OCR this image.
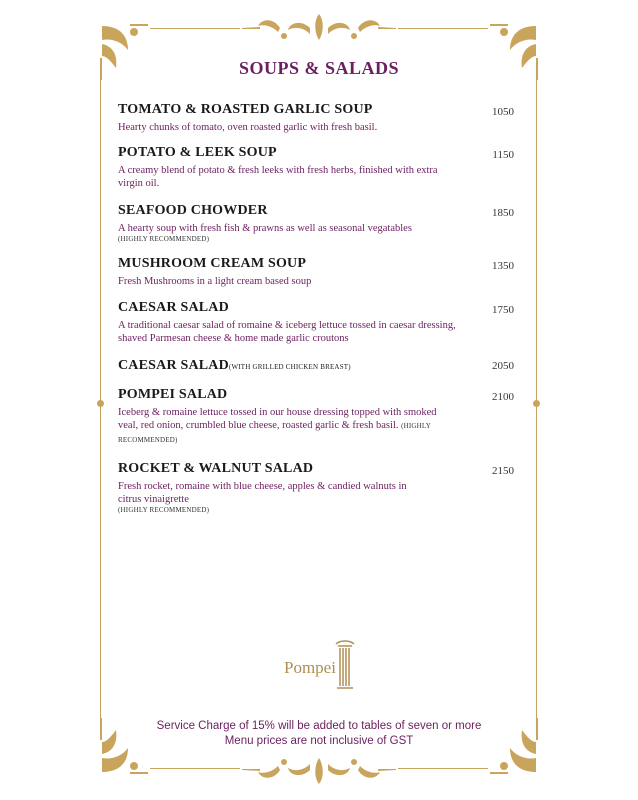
SOUPS & SALADS
TOMATO & ROASTED GARLIC SOUP
Hearty chunks of tomato, oven roasted garlic with fresh basil.
1050
POTATO & LEEK SOUP
A creamy blend of potato & fresh leeks with fresh herbs, finished with extra virgin oil.
1150
SEAFOOD CHOWDER
A hearty soup with fresh fish & prawns as well as seasonal vegatables
(HIGHLY RECOMMENDED)
1850
MUSHROOM CREAM SOUP
Fresh Mushrooms in a light cream based soup
1350
CAESAR SALAD
A traditional caesar salad of romaine & iceberg lettuce tossed in caesar dressing, shaved Parmesan cheese & home made garlic croutons
1750
CAESAR SALAD(WITH GRILLED CHICKEN BREAST)	2050
POMPEI SALAD
Iceberg & romaine lettuce tossed in our house dressing topped with smoked veal, red onion, crumbled blue cheese, roasted garlic & fresh basil. (HIGHLY RECOMMENDED)
2100
ROCKET & WALNUT SALAD
Fresh rocket, romaine with blue cheese, apples & candied walnuts in citrus vinaigrette
(HIGHLY RECOMMENDED)
2150
Pompei
Service Charge of 15% will be added to tables of seven or more
Menu prices are not inclusive of GST
